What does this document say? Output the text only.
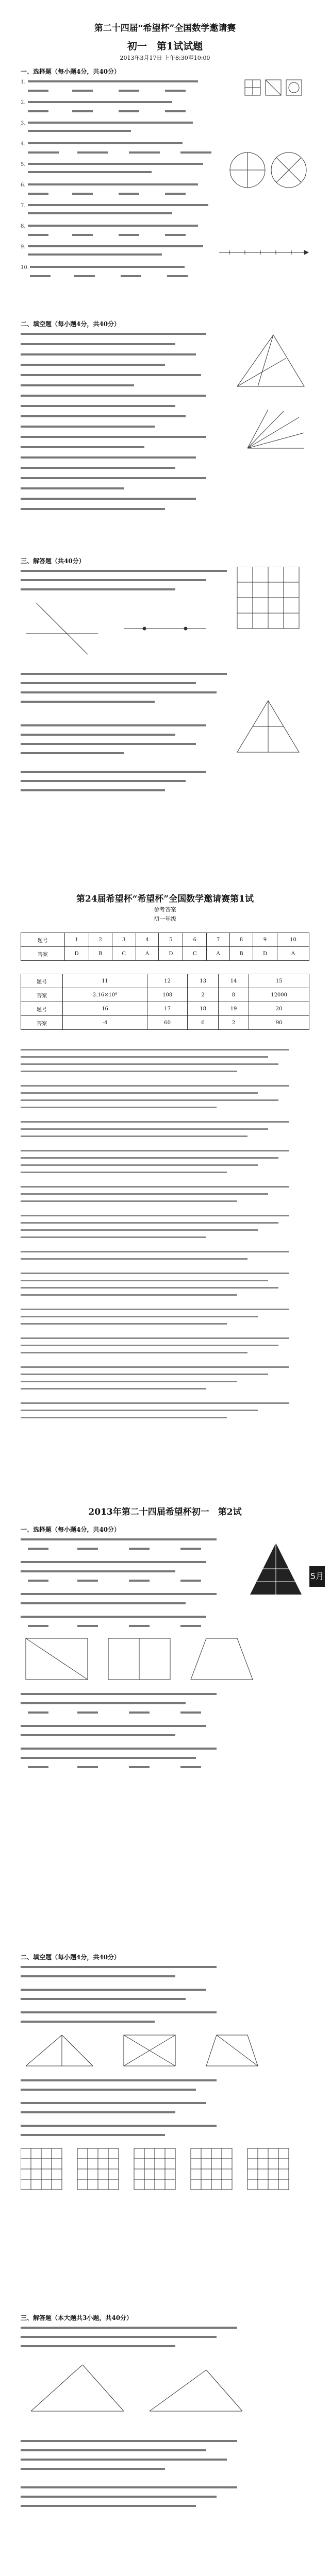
第二十四届“希望杯”全国数学邀请赛

初一　 第1试试题

2013年3月17日 上午8:30至10:00

一、选择题（每小题4分，共40分）

1.
2.
3.
4.
5.
6.
7.
8.
9.
10.

二、填空题（每小题4分，共40分）

三、解答题（共40分）

第24届希望杯“希望杯”全国数学邀请赛第1试

参考答案

初一年级

题号	1	2	3	4	5	6	7	8	9	10
答案	D	B	C	A	D	C	A	B	D	A
题号	11	12	13	14	15
答案	2.16×10⁸	108	2	8	12000
题号	16	17	18	19	20
答案	-4	60	6	2	90

2013年第二十四届希望杯初一　第2试

一、选择题（每小题4分，共40分）

5月

二、填空题（每小题4分，共40分）

三、解答题（本大题共3小题，共40分）
